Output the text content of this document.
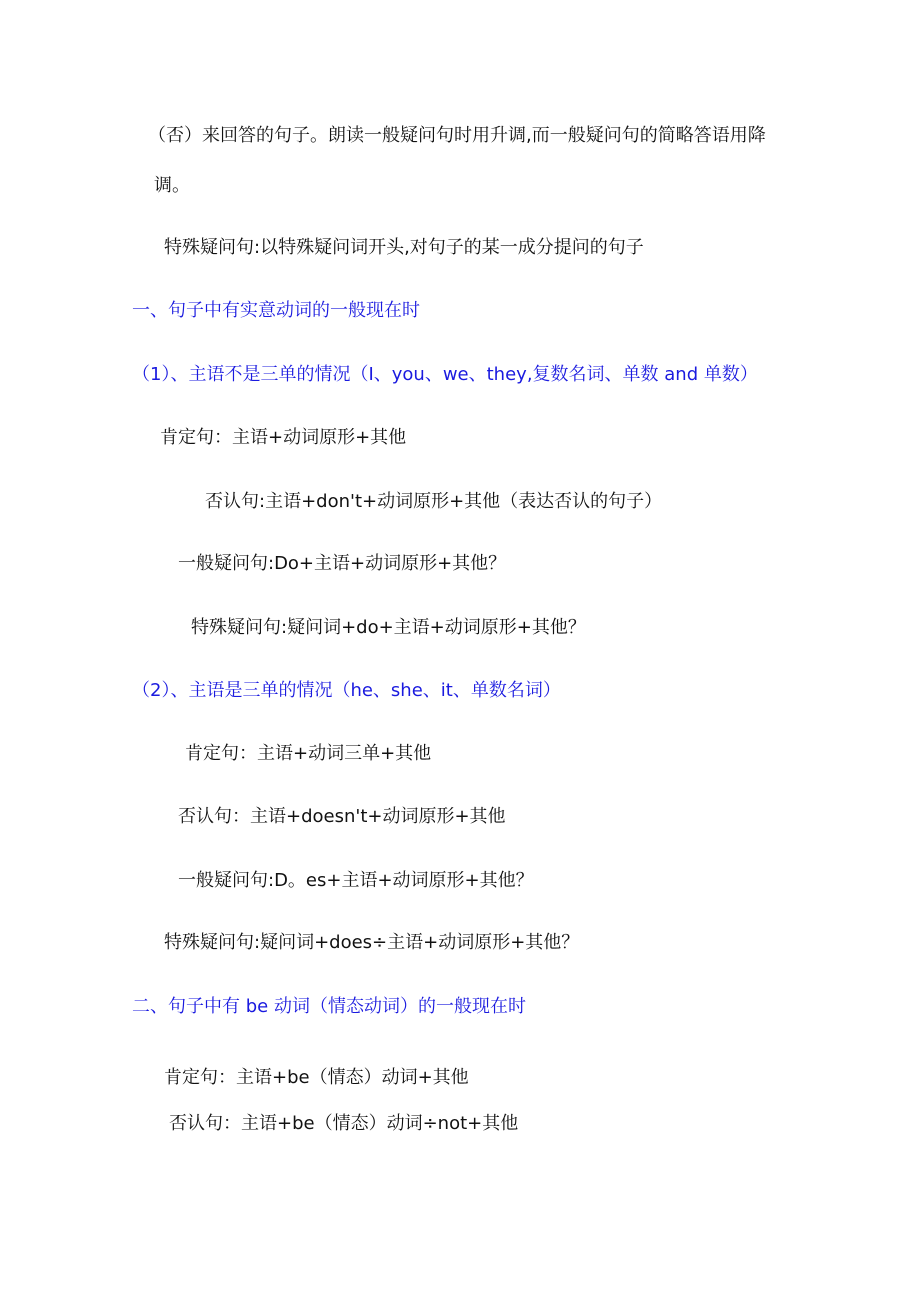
（否）来回答的句子。朗读一般疑问句时用升调,而一般疑问句的简略答语用降
调。
特殊疑问句:以特殊疑问词开头,对句子的某一成分提问的句子
一、句子中有实意动词的一般现在时
（1）、主语不是三单的情况（I、you、we、they,复数名词、单数 and 单数）
肯定句：主语+动词原形+其他
否认句:主语+don't+动词原形+其他（表达否认的句子）
一般疑问句:Do+主语+动词原形+其他？
特殊疑问句:疑问词+do+主语+动词原形+其他？
（2）、主语是三单的情况（he、she、it、单数名词）
肯定句：主语+动词三单+其他
否认句：主语+doesn't+动词原形+其他
一般疑问句:D。es+主语+动词原形+其他？
特殊疑问句:疑问词+does÷主语+动词原形+其他？
二、句子中有 be 动词（情态动词）的一般现在时
肯定句：主语+be（情态）动词+其他
否认句：主语+be（情态）动词÷not+其他
